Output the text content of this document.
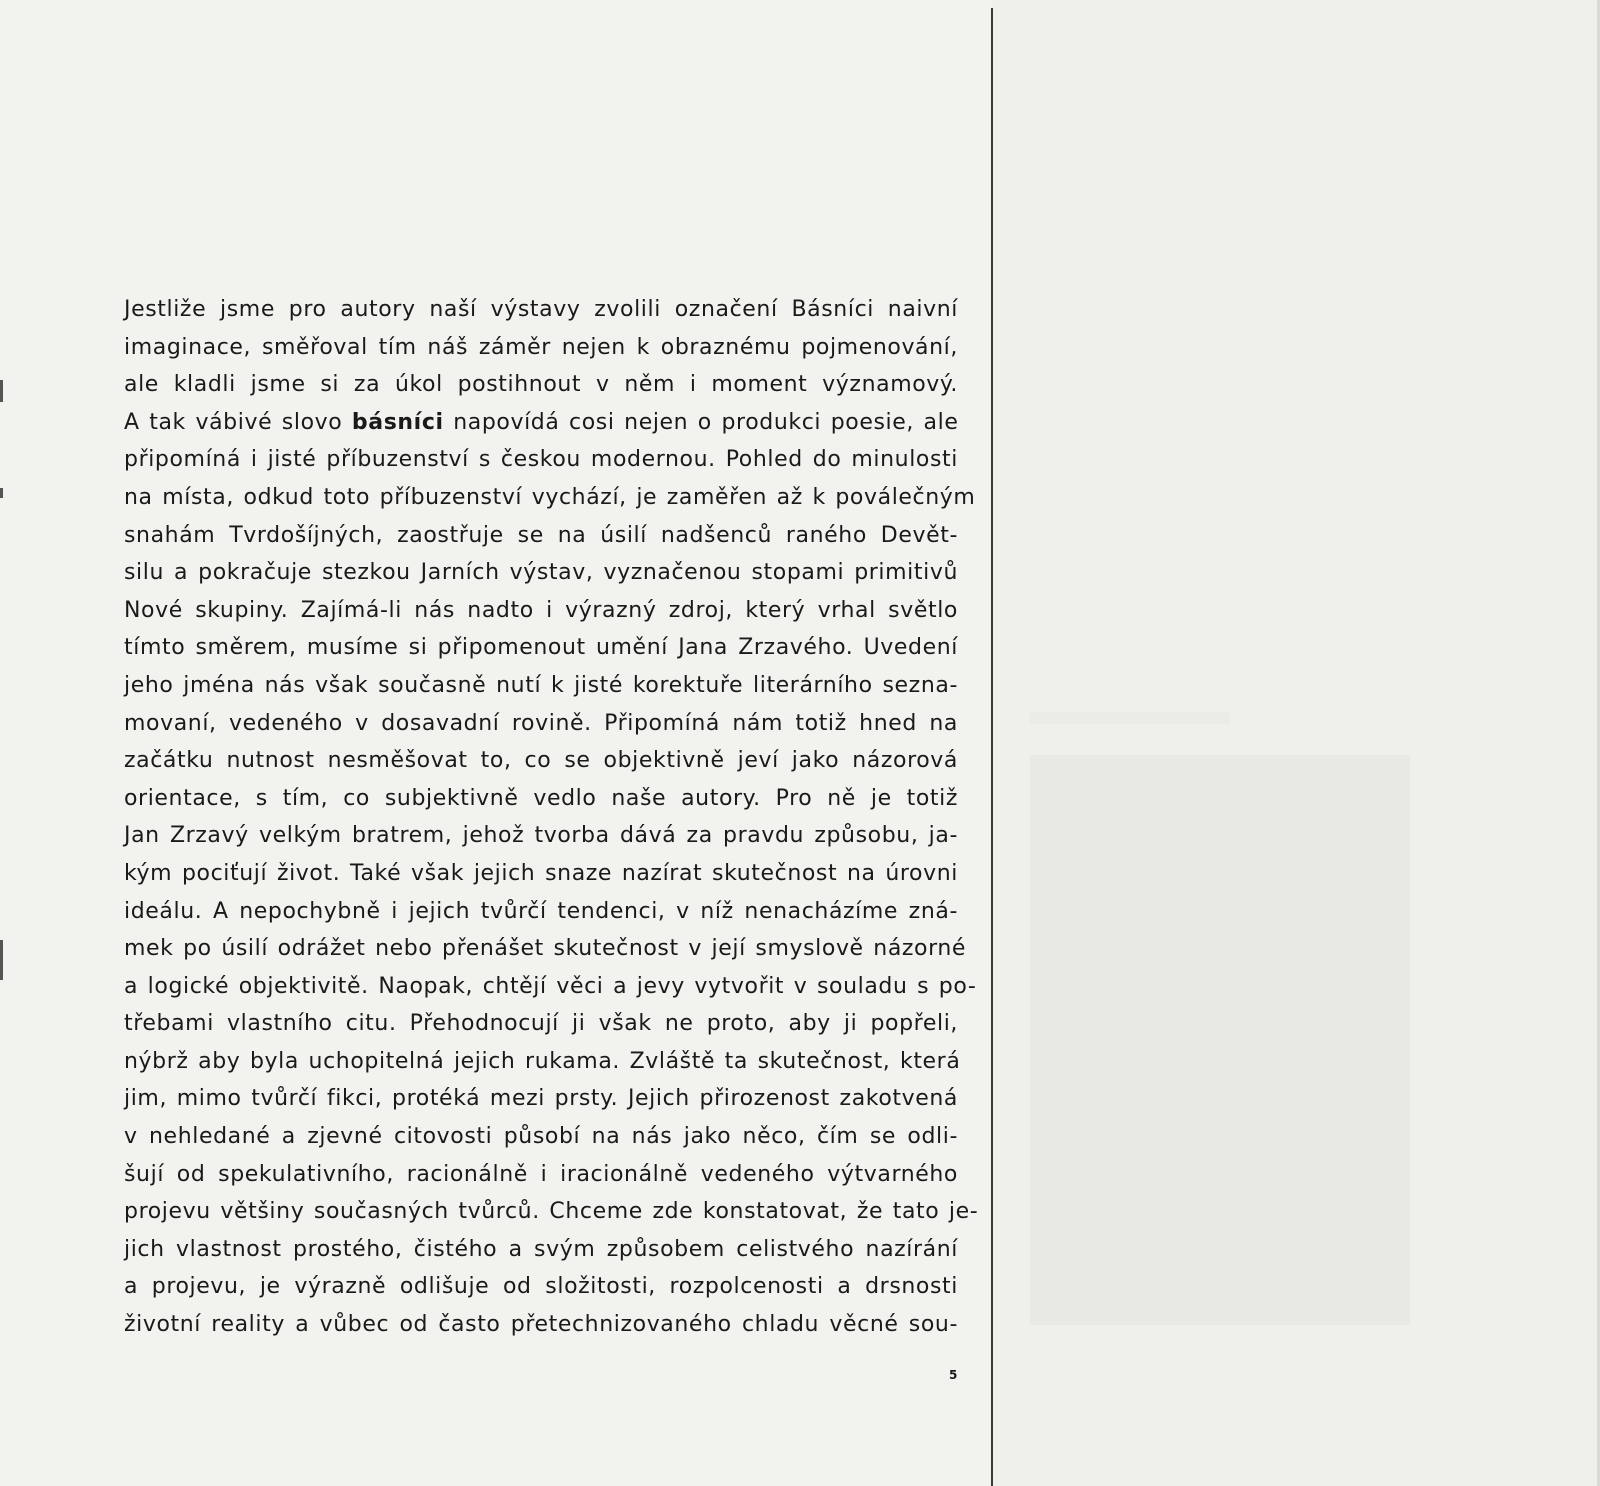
Jestliže jsme pro autory naší výstavy zvolili označení Básníci naivní
imaginace, směřoval tím náš záměr nejen k obraznému pojmenování,
ale kladli jsme si za úkol postihnout v něm i moment významový.
A tak vábivé slovo básníci napovídá cosi nejen o produkci poesie, ale
připomíná i jisté příbuzenství s českou modernou. Pohled do minulosti
na místa, odkud toto příbuzenství vychází, je zaměřen až k poválečným
snahám Tvrdošíjných, zaostřuje se na úsilí nadšenců raného Devět-
silu a pokračuje stezkou Jarních výstav, vyznačenou stopami primitivů
Nové skupiny. Zajímá-li nás nadto i výrazný zdroj, který vrhal světlo
tímto směrem, musíme si připomenout umění Jana Zrzavého. Uvedení
jeho jména nás však současně nutí k jisté korektuře literárního sezna-
movaní, vedeného v dosavadní rovině. Připomíná nám totiž hned na
začátku nutnost nesměšovat to, co se objektivně jeví jako názorová
orientace, s tím, co subjektivně vedlo naše autory. Pro ně je totiž
Jan Zrzavý velkým bratrem, jehož tvorba dává za pravdu způsobu, ja-
kým pociťují život. Také však jejich snaze nazírat skutečnost na úrovni
ideálu. A nepochybně i jejich tvůrčí tendenci, v níž nenacházíme zná-
mek po úsilí odrážet nebo přenášet skutečnost v její smyslově názorné
a logické objektivitě. Naopak, chtějí věci a jevy vytvořit v souladu s po-
třebami vlastního citu. Přehodnocují ji však ne proto, aby ji popřeli,
nýbrž aby byla uchopitelná jejich rukama. Zvláště ta skutečnost, která
jim, mimo tvůrčí fikci, protéká mezi prsty. Jejich přirozenost zakotvená
v nehledané a zjevné citovosti působí na nás jako něco, čím se odli-
šují od spekulativního, racionálně i iracionálně vedeného výtvarného
projevu většiny současných tvůrců. Chceme zde konstatovat, že tato je-
jich vlastnost prostého, čistého a svým způsobem celistvého nazírání
a projevu, je výrazně odlišuje od složitosti, rozpolcenosti a drsnosti
životní reality a vůbec od často přetechnizovaného chladu věcné sou-
5
